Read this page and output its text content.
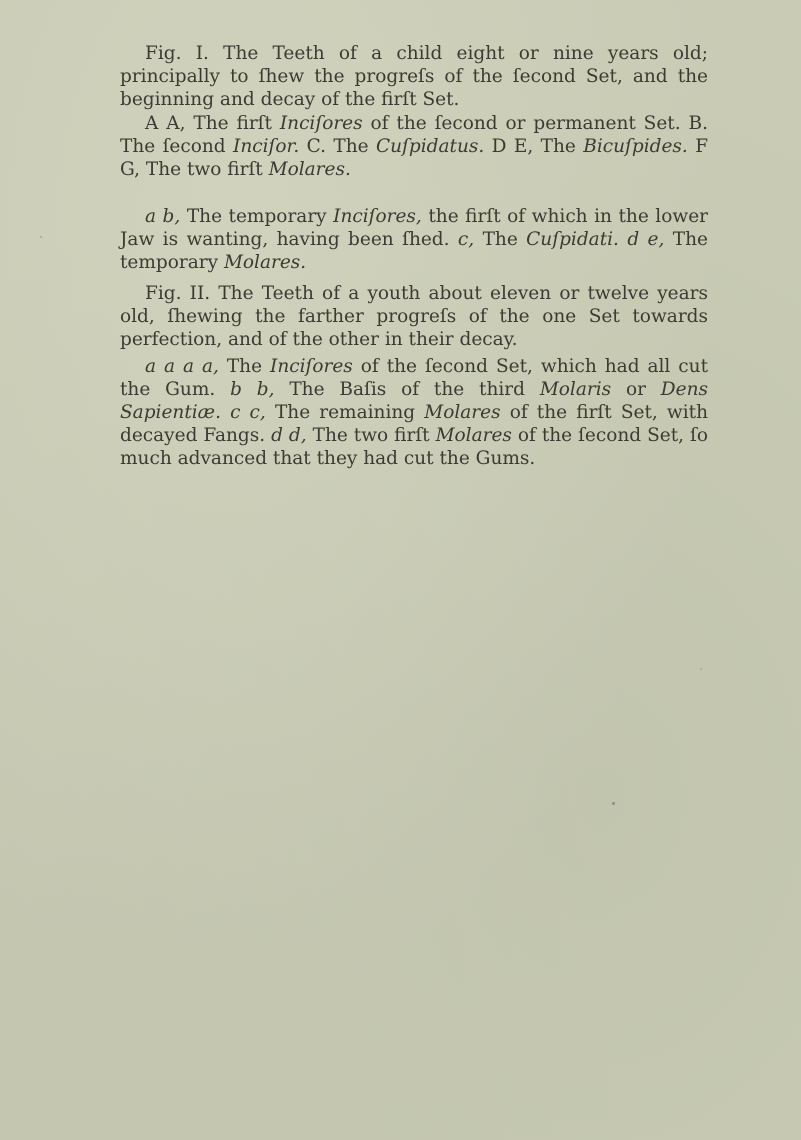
Fig. I. The Teeth of a child eight or nine years old; principally to ſhew the progreſs of the ſecond Set, and the beginning and decay of the firſt Set.

A A, The firſt Inciſores of the ſecond or permanent Set. B. The ſecond Inciſor. C. The Cuſpidatus. D E, The Bicuſpides. F G, The two firſt Molares.

a b, The temporary Inciſores, the firſt of which in the lower Jaw is wanting, having been ſhed. c, The Cuſpidati. d e, The temporary Molares.

Fig. II. The Teeth of a youth about eleven or twelve years old, ſhewing the farther progreſs of the one Set towards perfection, and of the other in their decay.

a a a a, The Inciſores of the ſecond Set, which had all cut the Gum. b b, The Baſis of the third Molaris or Dens Sapientiæ. c c, The remaining Molares of the firſt Set, with decayed Fangs. d d, The two firſt Molares of the ſecond Set, ſo much advanced that they had cut the Gums.
